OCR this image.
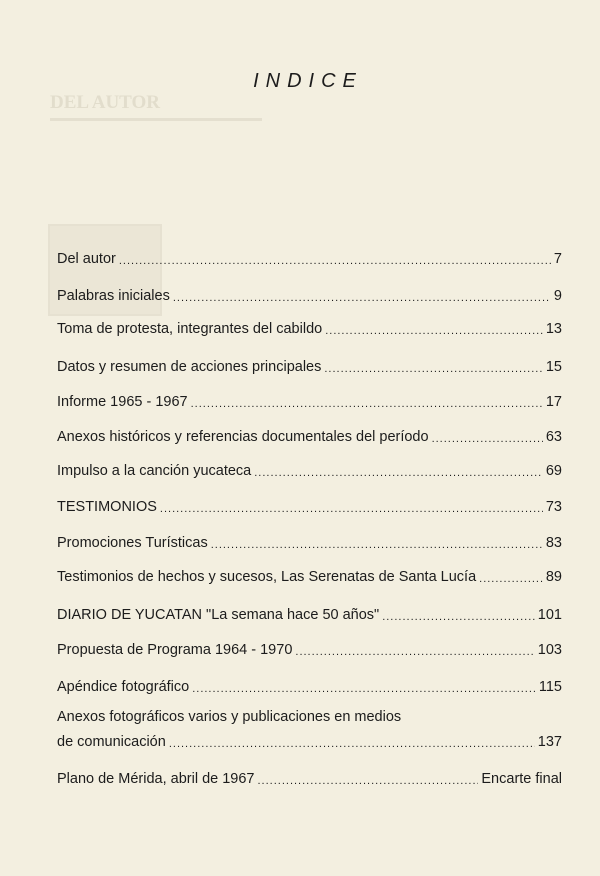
DEL AUTOR
INDICE
Del autor .....	7
Palabras iniciales .....	9
Toma de protesta, integrantes del cabildo .....	13
Datos y resumen de acciones principales .....	15
Informe 1965 - 1967 .....	17
Anexos históricos y referencias documentales del período .....	63
Impulso a la canción yucateca .....	69
TESTIMONIOS .....	73
Promociones Turísticas .....	83
Testimonios de hechos y sucesos, Las Serenatas de Santa Lucía .....	89
DIARIO DE YUCATAN "La semana hace 50 años" .....	101
Propuesta de Programa 1964 - 1970 .....	103
Apéndice fotográfico .....	115
Anexos fotográficos varios y publicaciones en medios
de comunicación .....	137
Plano de Mérida, abril de 1967 .....	Encarte final
